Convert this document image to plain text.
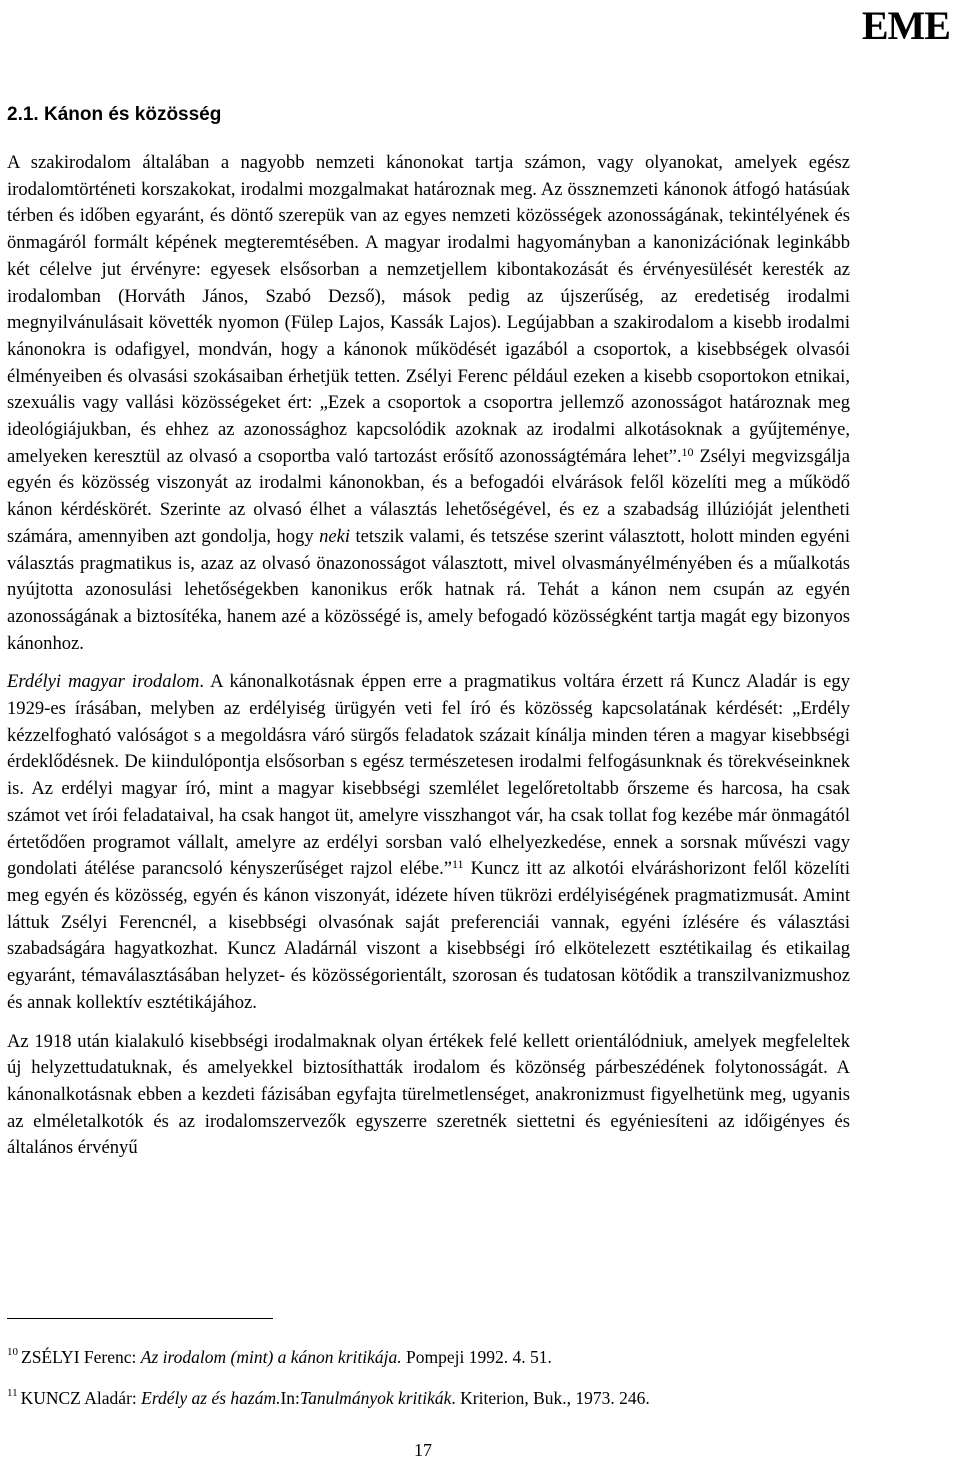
EME
2.1. Kánon és közösség

A szakirodalom általában a nagyobb nemzeti kánonokat tartja számon, vagy olyanokat, amelyek egész irodalomtörténeti korszakokat, irodalmi mozgalmakat határoznak meg. Az össznemzeti kánonok átfogó hatásúak térben és időben egyaránt, és döntő szerepük van az egyes nemzeti közösségek azonosságának, tekintélyének és önmagáról formált képének megteremtésében. A magyar irodalmi hagyományban a kanonizációnak leginkább két célelve jut érvényre: egyesek elsősorban a nemzetjellem kibontakozását és érvényesülését keresték az irodalomban (Horváth János, Szabó Dezső), mások pedig az újszerűség, az eredetiség irodalmi megnyilvánulásait követték nyomon (Fülep Lajos, Kassák Lajos). Legújabban a szakirodalom a kisebb irodalmi kánonokra is odafigyel, mondván, hogy a kánonok működését igazából a csoportok, a kisebbségek olvasói élményeiben és olvasási szokásaiban érhetjük tetten. Zsélyi Ferenc például ezeken a kisebb csoportokon etnikai, szexuális vagy vallási közösségeket ért: „Ezek a csoportok a csoportra jellemző azonosságot határoznak meg ideológiájukban, és ehhez az azonossághoz kapcsolódik azoknak az irodalmi alkotásoknak a gyűjteménye, amelyeken keresztül az olvasó a csoportba való tartozást erősítő azonosságtémára lehet”.$^{10}$ Zsélyi megvizsgálja egyén és közösség viszonyát az irodalmi kánonokban, és a befogadói elvárások felől közelíti meg a működő kánon kérdéskörét. Szerinte az olvasó élhet a választás lehetőségével, és ez a szabadság illúzióját jelentheti számára, amennyiben azt gondolja, hogy neki tetszik valami, és tetszése szerint választott, holott minden egyéni választás pragmatikus is, azaz az olvasó önazonosságot választott, mivel olvasmányélményében és a műalkotás nyújtotta azonosulási lehetőségekben kanonikus erők hatnak rá. Tehát a kánon nem csupán az egyén azonosságának a biztosítéka, hanem azé a közösségé is, amely befogadó közösségként tartja magát egy bizonyos kánonhoz.

Erdélyi magyar irodalom. A kánonalkotásnak éppen erre a pragmatikus voltára érzett rá Kuncz Aladár is egy 1929-es írásában, melyben az erdélyiség ürügyén veti fel író és közösség kapcsolatának kérdését: „Erdély kézzelfogható valóságot s a megoldásra váró sürgős feladatok százait kínálja minden téren a magyar kisebbségi érdeklődésnek. De kiindulópontja elsősorban s egész természetesen irodalmi felfogásunknak és törekvéseinknek is. Az erdélyi magyar író, mint a magyar kisebbségi szemlélet legelőretoltabb őrszeme és harcosa, ha csak számot vet írói feladataival, ha csak hangot üt, amelyre visszhangot vár, ha csak tollat fog kezébe már önmagától értetődően programot vállalt, amelyre az erdélyi sorsban való elhelyezkedése, ennek a sorsnak művészi vagy gondolati átélése parancsoló kényszerűséget rajzol elébe.”$^{11}$ Kuncz itt az alkotói elváráshorizont felől közelíti meg egyén és közösség, egyén és kánon viszonyát, idézete híven tükrözi erdélyiségének pragmatizmusát. Amint láttuk Zsélyi Ferencnél, a kisebbségi olvasónak saját preferenciái vannak, egyéni ízlésére és választási szabadságára hagyatkozhat. Kuncz Aladárnál viszont a kisebbségi író elkötelezett esztétikailag és etikailag egyaránt, témaválasztásában helyzet- és közösségorientált, szorosan és tudatosan kötődik a transzilvanizmushoz és annak kollektív esztétikájához.

Az 1918 után kialakuló kisebbségi irodalmaknak olyan értékek felé kellett orientálódniuk, amelyek megfeleltek új helyzettudatuknak, és amelyekkel biztosíthatták irodalom és közönség párbeszédének folytonosságát. A kánonalkotásnak ebben a kezdeti fázisában egyfajta türelmetlenséget, anakronizmust figyelhetünk meg, ugyanis az elméletalkotók és az irodalomszervezők egyszerre szeretnék siettetni és egyéniesíteni az időigényes és általános érvényű

$^{10}$ ZSÉLYI Ferenc: Az irodalom (mint) a kánon kritikája. Pompeji 1992. 4. 51.
$^{11}$ KUNCZ Aladár: Erdély az és hazám.In:Tanulmányok kritikák. Kriterion, Buk., 1973. 246.
17
